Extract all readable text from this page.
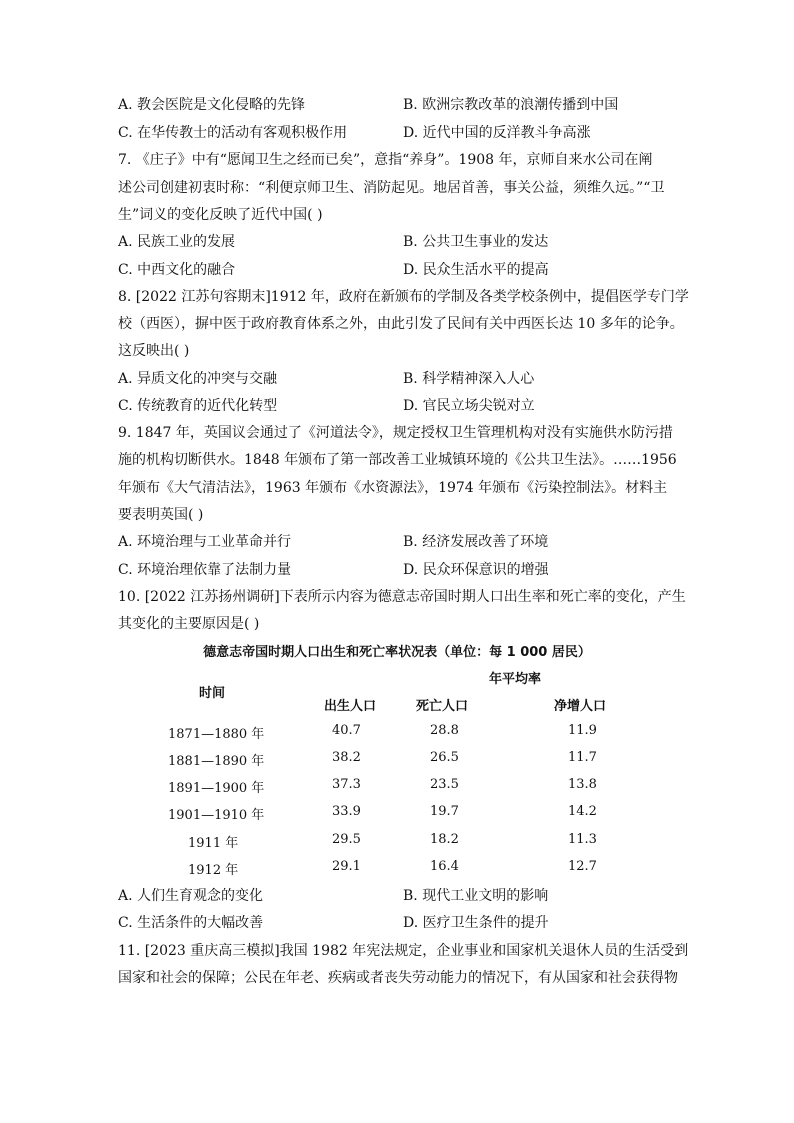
A. 教会医院是文化侵略的先锋	B. 欧洲宗教改革的浪潮传播到中国
C. 在华传教士的活动有客观积极作用	D. 近代中国的反洋教斗争高涨
7. 《庄子》中有“愿闻卫生之经而已矣”，意指“养身”。1908 年，京师自来水公司在阐
述公司创建初衷时称：“利便京师卫生、消防起见。地居首善，事关公益，须维久远。”“卫
生”词义的变化反映了近代中国( )
A. 民族工业的发展	B. 公共卫生事业的发达
C. 中西文化的融合	D. 民众生活水平的提高
8. [2022 江苏句容期末]1912 年，政府在新颁布的学制及各类学校条例中，提倡医学专门学
校（西医），摒中医于政府教育体系之外，由此引发了民间有关中西医长达 10 多年的论争。
这反映出( )
A. 异质文化的冲突与交融	B. 科学精神深入人心
C. 传统教育的近代化转型	D. 官民立场尖锐对立
9. 1847 年，英国议会通过了《河道法令》，规定授权卫生管理机构对没有实施供水防污措
施的机构切断供水。1848 年颁布了第一部改善工业城镇环境的《公共卫生法》。……1956
年颁布《大气清洁法》，1963 年颁布《水资源法》，1974 年颁布《污染控制法》。材料主
要表明英国( )
A. 环境治理与工业革命并行	B. 经济发展改善了环境
C. 环境治理依靠了法制力量	D. 民众环保意识的增强
10. [2022 江苏扬州调研]下表所示内容为德意志帝国时期人口出生率和死亡率的变化，产生
其变化的主要原因是( )
德意志帝国时期人口出生和死亡率状况表（单位：每 1 000 居民）
年平均率
时间
出生人口	死亡人口	净增人口
1871—1880 年	40.7	28.8	11.9
1881—1890 年	38.2	26.5	11.7
1891—1900 年	37.3	23.5	13.8
1901—1910 年	33.9	19.7	14.2
1911 年	29.5	18.2	11.3
1912 年	29.1	16.4	12.7
A. 人们生育观念的变化	B. 现代工业文明的影响
C. 生活条件的大幅改善	D. 医疗卫生条件的提升
11. [2023 重庆高三模拟]我国 1982 年宪法规定，企业事业和国家机关退休人员的生活受到
国家和社会的保障；公民在年老、疾病或者丧失劳动能力的情况下，有从国家和社会获得物
